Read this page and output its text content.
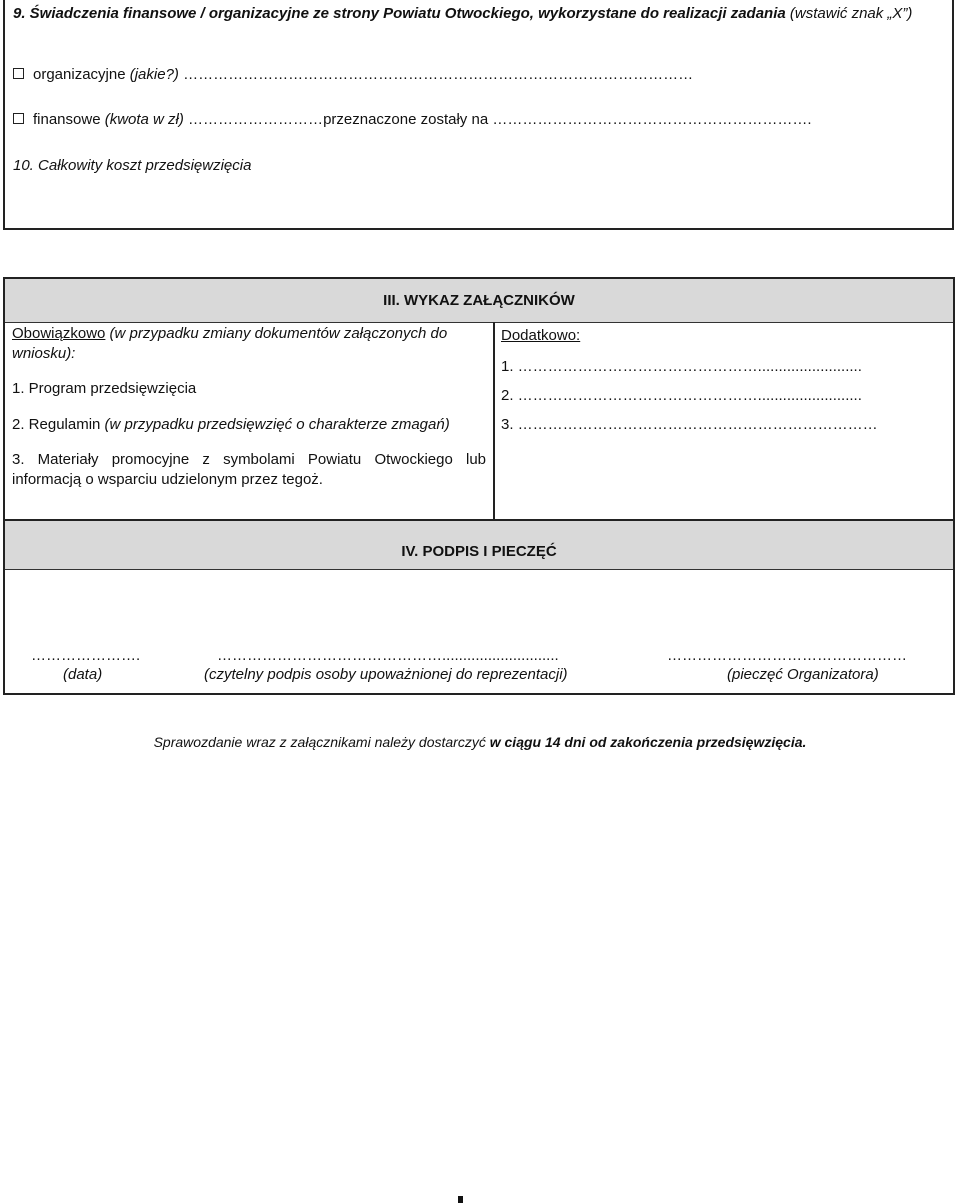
9. Świadczenia finansowe / organizacyjne ze strony Powiatu Otwockiego, wykorzystane do realizacji zadania (wstawić znak „X”)
organizacyjne (jakie?) …………………………………………………………………………………………
finansowe (kwota w zł) ………………………przeznaczone zostały na ……………………………………………………….
10. Całkowity koszt przedsięwzięcia
III. WYKAZ ZAŁĄCZNIKÓW

Obowiązkowo (w przypadku zmiany dokumentów załączonych do wniosku):

1. Program przedsięwzięcia

2. Regulamin (w przypadku przedsięwzięć o charakterze zmagań)

3. Materiały promocyjne z symbolami Powiatu Otwockiego lub informacją o wsparciu udzielonym przez tegoż.

Dodatkowo:
1. ………………………………………….........................
2. ………………………………………….........................
3. ………………………………………………………………
IV. PODPIS I PIECZĘĆ
………………….
(data)
………………………………………............................
(czytelny podpis osoby upoważnionej do reprezentacji)
…………………………………………
(pieczęć Organizatora)
Sprawozdanie wraz z załącznikami należy dostarczyć w ciągu 14 dni od zakończenia przedsięwzięcia.
